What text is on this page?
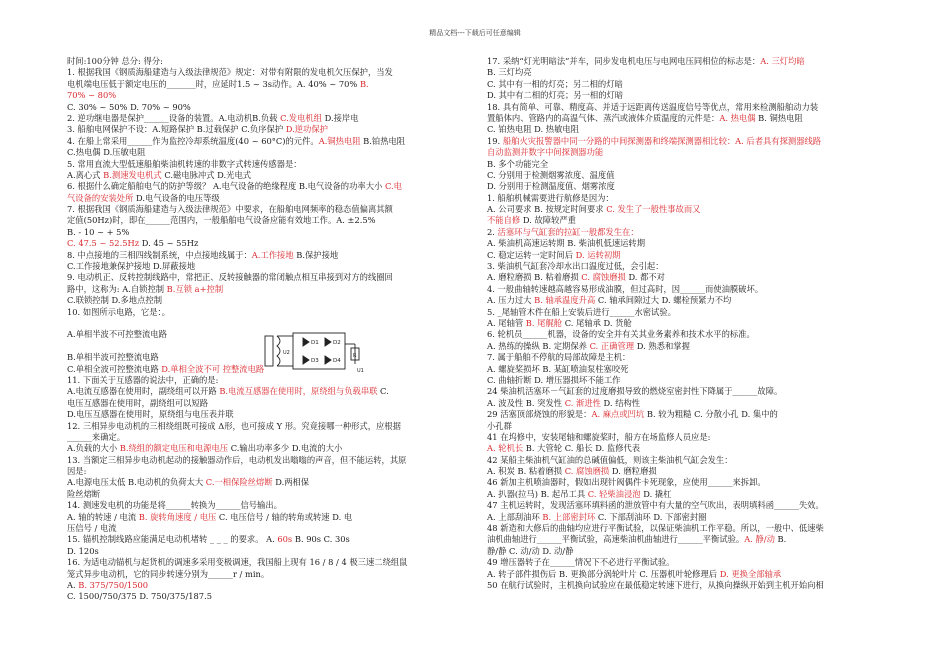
精品文档---下载后可任意编辑
时间:100分钟 总分: 得分:
1. 根据我国《钢质海船建造与入级法律规范》规定：对带有附限的发电机欠压保护，当发
电机端电压低于额定电压的_______时，应延时1.5 ~ 3s动作。A. 40% ~ 70% B.
70% ~ 80%
C. 30% ~ 50% D. 70% ~ 90%
2. 逆功继电器是保护______设备的装置。A.电动机B.负载 C.发电机组 D.接岸电
3. 船舶电网保护不设：A.短路保护 B.过载保护 C.负序保护 D.逆功保护
4. 在船上常采用______作为监控冷却系统温度(40 ~ 60°C)的元件。A.铜热电阻 B.铂热电阻
C.热电偶 D.压敏电阻
5. 常用直流大型低速船舶柴油机转速的非数字式转速传感器是：
A.离心式 B.测速发电机式 C.磁电脉冲式 D.光电式
6. 根据什么确定船舶电气的防护等级？ A.电气设备的绝缘程度 B.电气设备的功率大小 C.电
气设备的安装处所 D.电气设备的电压等级
7. 根据我国《钢质海船建造与入级法律规范》中要求，在船舶电网频率的稳态值偏离其额
定值(50Hz)时，即在______范围内，一般船舶电气设备应能有效地工作。A. ±2.5%
B. - 10 ~ + 5%
C. 47.5 ~ 52.5Hz D. 45 ~ 55Hz
8. 中点接地的三相四线制系统，中点接地线属于：A.工作接地 B.保护接地
C.工作接地兼保护接地 D.屏蔽接地
9. 电动机正、反转控制线路中，常把正、反转接触器的常闭触点相互串接到对方的线圈回
路中，这称为: A.自锁控制 B.互锁 a+控制
C.联锁控制 D.多地点控制
10. 如图所示电路，它是：。
A.单相半波不可控整流电路
B.单相半波可控整流电路
C.单相全波可控整流电路 D.单相全波不可 控整流电路
11. 下面关于互感器的说法中，正确的是:
A.电流互感器在使用时，副绕组可以开路 B.电流互感器在使用时，原绕组与负载串联 C.
电压互感器在使用时，副绕组可以短路
D.电压互感器在使用时，原绕组与电压表并联
12. 三相异步电动机的三相绕组既可接成 Δ形，也可接成 Y 形。究竟接哪一种形式，应根据
______来确定。
A.负载的大小 B.绕组的额定电压和电源电压 C.输出功率多少 D.电流的大小
13. 当额定三相异步电动机起动的接触器动作后，电动机发出嗡嗡的声音，但不能运转，其原
因是:
A.电源电压太低 B.电动机的负荷太大 C.一相保险丝熔断 D.两相保
险丝熔断
14. 测速发电机的功能是将______转换为______信号输出。
A. 轴的转速 / 电流 B. 旋转角速度 / 电压 C. 电压信号 / 轴的转角或转速 D. 电
压信号 / 电流
15. 锚机控制线路应能满足电动机堵转 _ _ _ 的要求。 A. 60s B. 90s C. 30s
D. 120s
16. 为适电动锚机与起货机的调速多采用变极调速，我国船上现有 16 / 8 / 4 极三速二绕组鼠
笼式异步电动机，它的同步转速分别为______r / min。
A. B. 375/750/1500
C. 1500/750/375 D. 750/375/187.5
17. 采纳“灯光明暗法”并车，同步发电机电压与电网电压同相位的标志是：A. 三灯均暗
B. 三灯均亮
C. 其中有一相的灯亮；另二相的灯暗
D. 其中有二相的灯亮；另一相的灯暗
18. 具有简单、可靠、精度高、并适于远距离传送温度信号等优点，常用来检测船舶动力装
置船体内、管路内的高温气体、蒸汽或液体介质温度的元件是：A. 热电偶 B. 铜热电阻
C. 铂热电阻 D. 热敏电阻
19. 船舶火灾报警器中同一分路的中间探测器和终端探测器相比较：A. 后者具有探测器线路
自动监测并数字中间探测器功能
B. 多个功能完全
C. 分别用于检测烟雾浓度、温度值
D. 分别用于检测温度值、烟雾浓度
1. 船舶机械需要进行航修是因为：
A. 公司要求 B. 按规定时间要求 C. 发生了一般性事故而又
不能自修 D. 故障较严重
2. 活塞环与气缸套的拉缸一般都发生在：
A. 柴油机高速运转期 B. 柴油机低速运转期
C. 稳定运转一定时间后 D. 运转初期
3. 柴油机气缸套冷却水出口温度过低，会引起：
A. 磨粒磨损 B. 粘着磨损 C. 腐蚀磨损 D. 都不对
4. 一般曲轴转速越高越容易形成油膜，但过高时，因______而使油膜破坏。
A. 压力过大 B. 轴承温度升高 C. 轴承间隙过大 D. 螺栓预紧力不均
5. _尾轴管木件在船上安装后进行______水密试验。
A. 尾轴管 B. 尾艉舱 C. 尾轴承 D. 货舱
6. 轮机员______机器，设备的安全并有关其业务素养和技术水平的标准。
A. 热练的操纵 B. 定期保养 C. 正确管理 D. 熟悉和掌握
7. 属于船舶不停航的局部故障是主机：
A. 螺旋桨损坏 B. 某缸喷油泵柱塞咬死
C. 曲轴折断 D. 增压器损坏不能工作
24 柴油机活塞环－气缸套的过度磨损导致的燃烧室密封性下降属于______故障。
A. 波及性 B. 突发性 C. 渐进性 D. 结构性
29 活塞顶部烧蚀的形貌是：A. 麻点或凹坑 B. 较为粗糙 C. 分散小孔 D. 集中的
小孔群
41 在坞修中，安装尾轴和螺旋桨时，船方在场监修人员应是:
A. 轮机长 B. 大管轮 C. 船长 D. 监修代表
42 某船主柴油机气缸油的总碱值偏低，则该主柴油机气缸会发生：
A. 积炭 B. 粘着磨损 C. 腐蚀磨损 D. 磨粒磨损
46 新加主机喷油器时，假如出现针阀偶件卡死现象，应使用______来拆卸。
A. 扒器(拉马) B. 起吊工具 C. 轻柴油浸泡 D. 撬杠
47 主机运转时，发现活塞环填料函的泄放管中有大量的空气吹出，表明填料函______失效。
A. 上部刮油环 B. 上部密封环 C. 下部刮油环 D. 下部密封圈
48 新造和大修后的曲轴均应进行平衡试验，以保证柴油机工作平稳。所以，一般中、低速柴
油机曲轴进行______平衡试验，高速柴油机曲轴进行______平衡试验。A. 静/动 B.
静/静 C. 动/动 D. 动/静
49 增压器转子在______情况下不必进行平衡试验。
A. 转子部件损伤后 B. 更换部分涡轮叶片 C. 压器机叶轮修理后 D. 更换全部轴承
50 在航行试验时，主机换向试验应在最低稳定转速下进行，从换向操纵开始到主机开始向相
D1	D2
D3	D4
R
U2
U1
